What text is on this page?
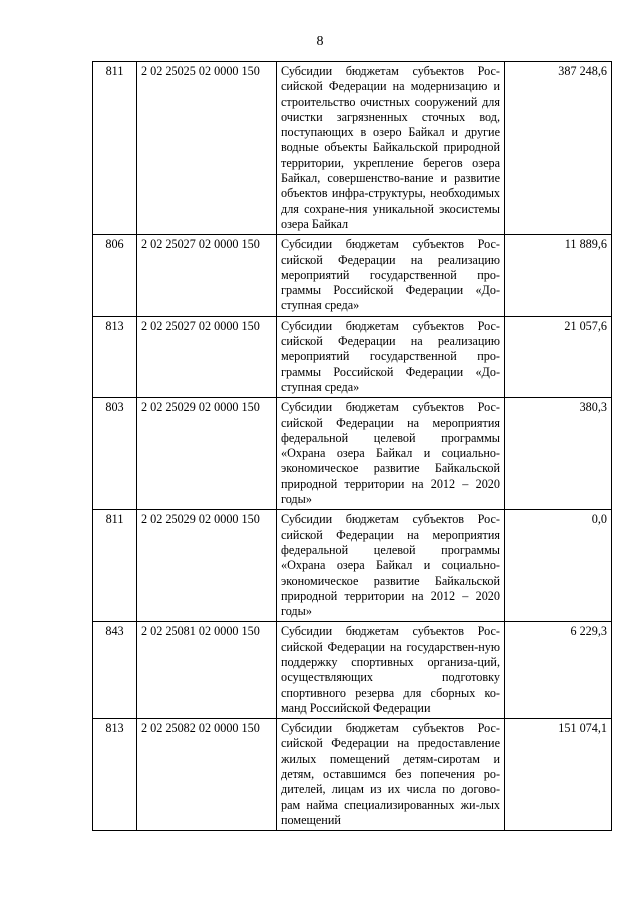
8
811	2 02 25025 02 0000 150	Субсидии бюджетам субъектов Рос-сийской Федерации на модернизацию и строительство очистных сооружений для очистки загрязненных сточных вод, поступающих в озеро Байкал и другие водные объекты Байкальской природной территории, укрепление берегов озера Байкал, совершенство-вание и развитие объектов инфра-структуры, необходимых для сохране-ния уникальной экосистемы озера Байкал	387 248,6
806	2 02 25027 02 0000 150	Субсидии бюджетам субъектов Рос-сийской Федерации на реализацию мероприятий государственной про-граммы Российской Федерации «До-ступная среда»	11 889,6
813	2 02 25027 02 0000 150	Субсидии бюджетам субъектов Рос-сийской Федерации на реализацию мероприятий государственной про-граммы Российской Федерации «До-ступная среда»	21 057,6
803	2 02 25029 02 0000 150	Субсидии бюджетам субъектов Рос-сийской Федерации на мероприятия федеральной целевой программы «Охрана озера Байкал и социально-экономическое развитие Байкальской природной территории на 2012 – 2020 годы»	380,3
811	2 02 25029 02 0000 150	Субсидии бюджетам субъектов Рос-сийской Федерации на мероприятия федеральной целевой программы «Охрана озера Байкал и социально-экономическое развитие Байкальской природной территории на 2012 – 2020 годы»	0,0
843	2 02 25081 02 0000 150	Субсидии бюджетам субъектов Рос-сийской Федерации на государствен-ную поддержку спортивных организа-ций, осуществляющих подготовку спортивного резерва для сборных ко-манд Российской Федерации	6 229,3
813	2 02 25082 02 0000 150	Субсидии бюджетам субъектов Рос-сийской Федерации на предоставление жилых помещений детям-сиротам и детям, оставшимся без попечения ро-дителей, лицам из их числа по догово-рам найма специализированных жи-лых помещений	151 074,1
